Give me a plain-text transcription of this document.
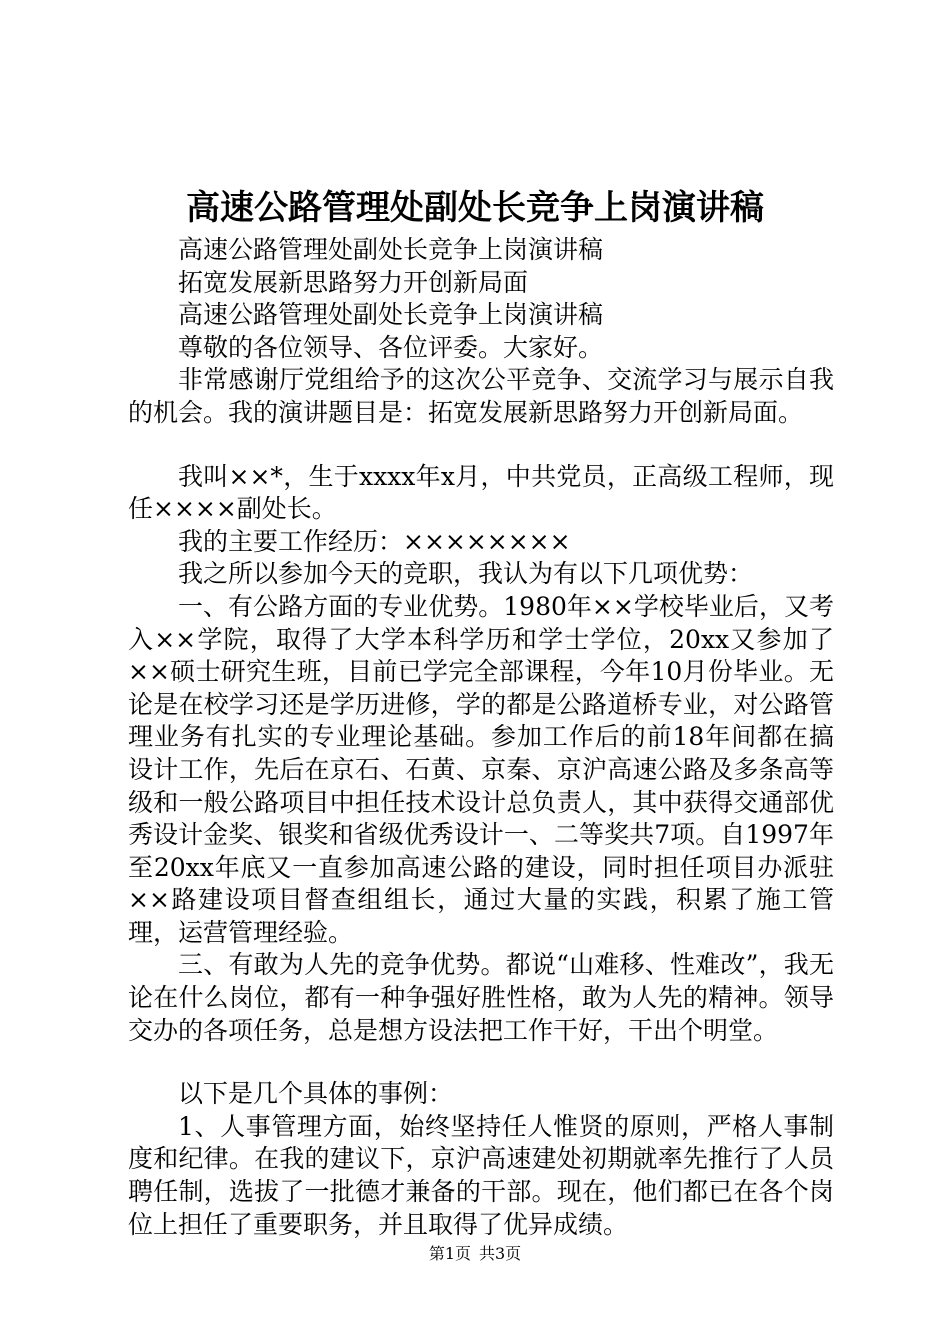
高速公路管理处副处长竞争上岗演讲稿

高速公路管理处副处长竞争上岗演讲稿

拓宽发展新思路努力开创新局面

高速公路管理处副处长竞争上岗演讲稿

尊敬的各位领导、各位评委。大家好。

非常感谢厅党组给予的这次公平竞争、交流学习与展示自我的机会。我的演讲题目是：拓宽发展新思路努力开创新局面。

我叫××*，生于xxxx年x月，中共党员，正高级工程师，现任××××副处长。

我的主要工作经历：××××××××

我之所以参加今天的竞职，我认为有以下几项优势：

一、有公路方面的专业优势。1980年××学校毕业后，又考入××学院，取得了大学本科学历和学士学位，20xx又参加了××硕士研究生班，目前已学完全部课程，今年10月份毕业。无论是在校学习还是学历进修，学的都是公路道桥专业，对公路管理业务有扎实的专业理论基础。参加工作后的前18年间都在搞设计工作，先后在京石、石黄、京秦、京沪高速公路及多条高等级和一般公路项目中担任技术设计总负责人，其中获得交通部优秀设计金奖、银奖和省级优秀设计一、二等奖共7项。自1997年至20xx年底又一直参加高速公路的建设，同时担任项目办派驻××路建设项目督查组组长，通过大量的实践，积累了施工管理，运营管理经验。

三、有敢为人先的竞争优势。都说“山难移、性难改”，我无论在什么岗位，都有一种争强好胜性格，敢为人先的精神。领导交办的各项任务，总是想方设法把工作干好，干出个明堂。

以下是几个具体的事例：

1、人事管理方面，始终坚持任人惟贤的原则，严格人事制度和纪律。在我的建议下，京沪高速建处初期就率先推行了人员聘任制，选拔了一批德才兼备的干部。现在，他们都已在各个岗位上担任了重要职务，并且取得了优异成绩。

第1页 共3页
